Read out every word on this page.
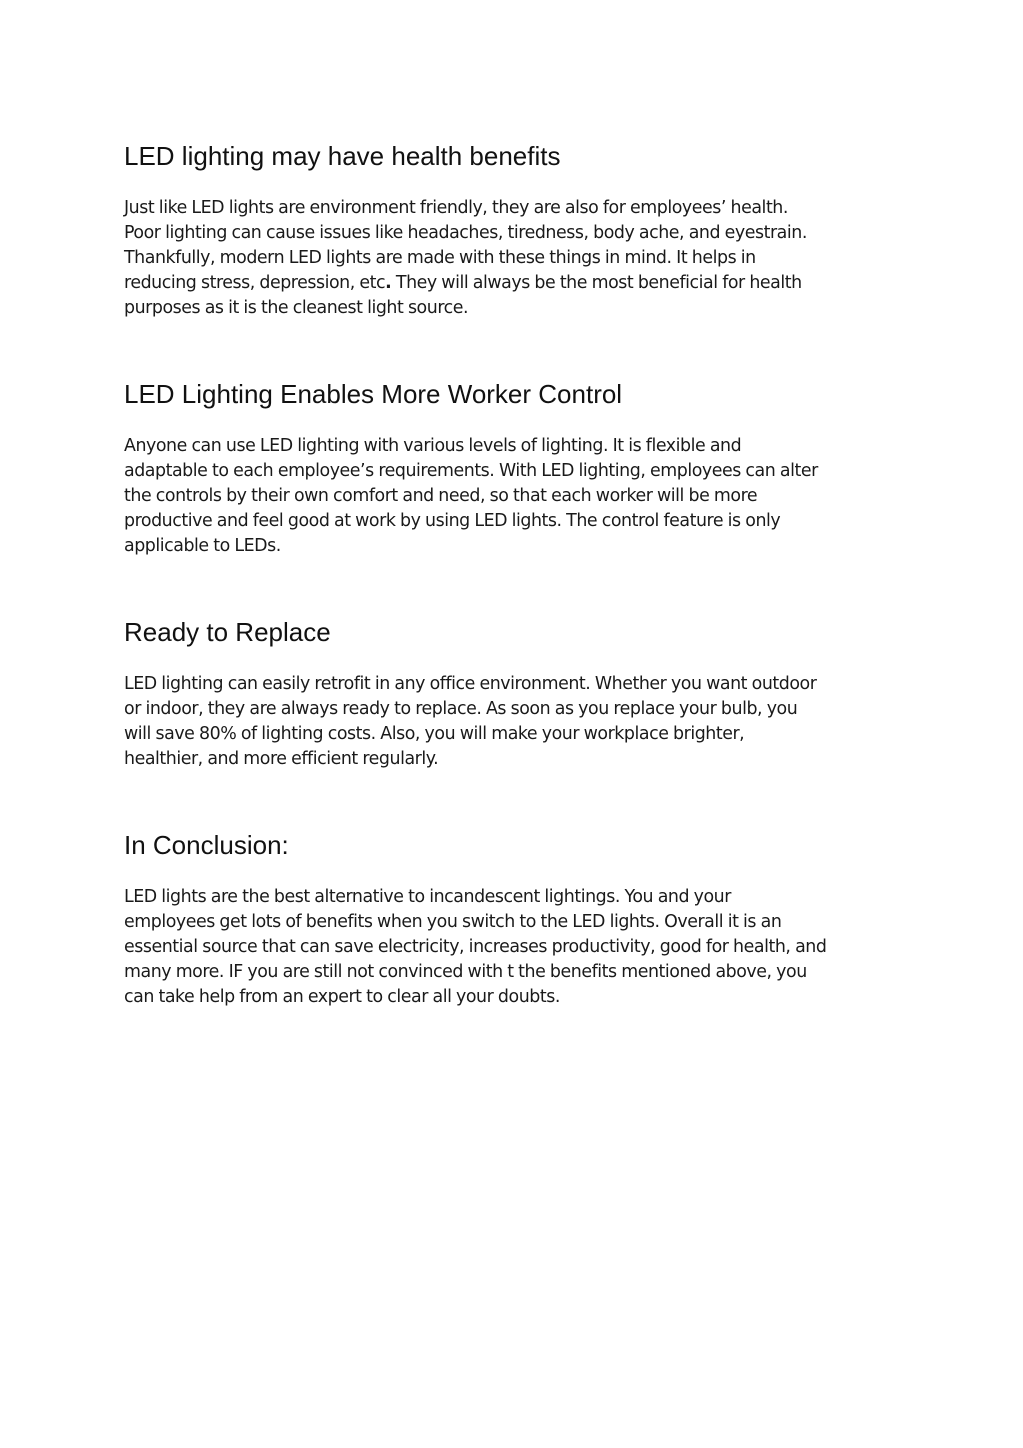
LED lighting may have health benefits

Just like LED lights are environment friendly, they are also for employees’ health.
Poor lighting can cause issues like headaches, tiredness, body ache, and eyestrain.
Thankfully, modern LED lights are made with these things in mind. It helps in
reducing stress, depression, etc. They will always be the most beneficial for health
purposes as it is the cleanest light source.

LED Lighting Enables More Worker Control

Anyone can use LED lighting with various levels of lighting. It is flexible and
adaptable to each employee’s requirements. With LED lighting, employees can alter
the controls by their own comfort and need, so that each worker will be more
productive and feel good at work by using LED lights. The control feature is only
applicable to LEDs.

Ready to Replace

LED lighting can easily retrofit in any office environment. Whether you want outdoor
or indoor, they are always ready to replace. As soon as you replace your bulb, you
will save 80% of lighting costs. Also, you will make your workplace brighter,
healthier, and more efficient regularly.

In Conclusion:

LED lights are the best alternative to incandescent lightings. You and your
employees get lots of benefits when you switch to the LED lights. Overall it is an
essential source that can save electricity, increases productivity, good for health, and
many more. IF you are still not convinced with t the benefits mentioned above, you
can take help from an expert to clear all your doubts.
